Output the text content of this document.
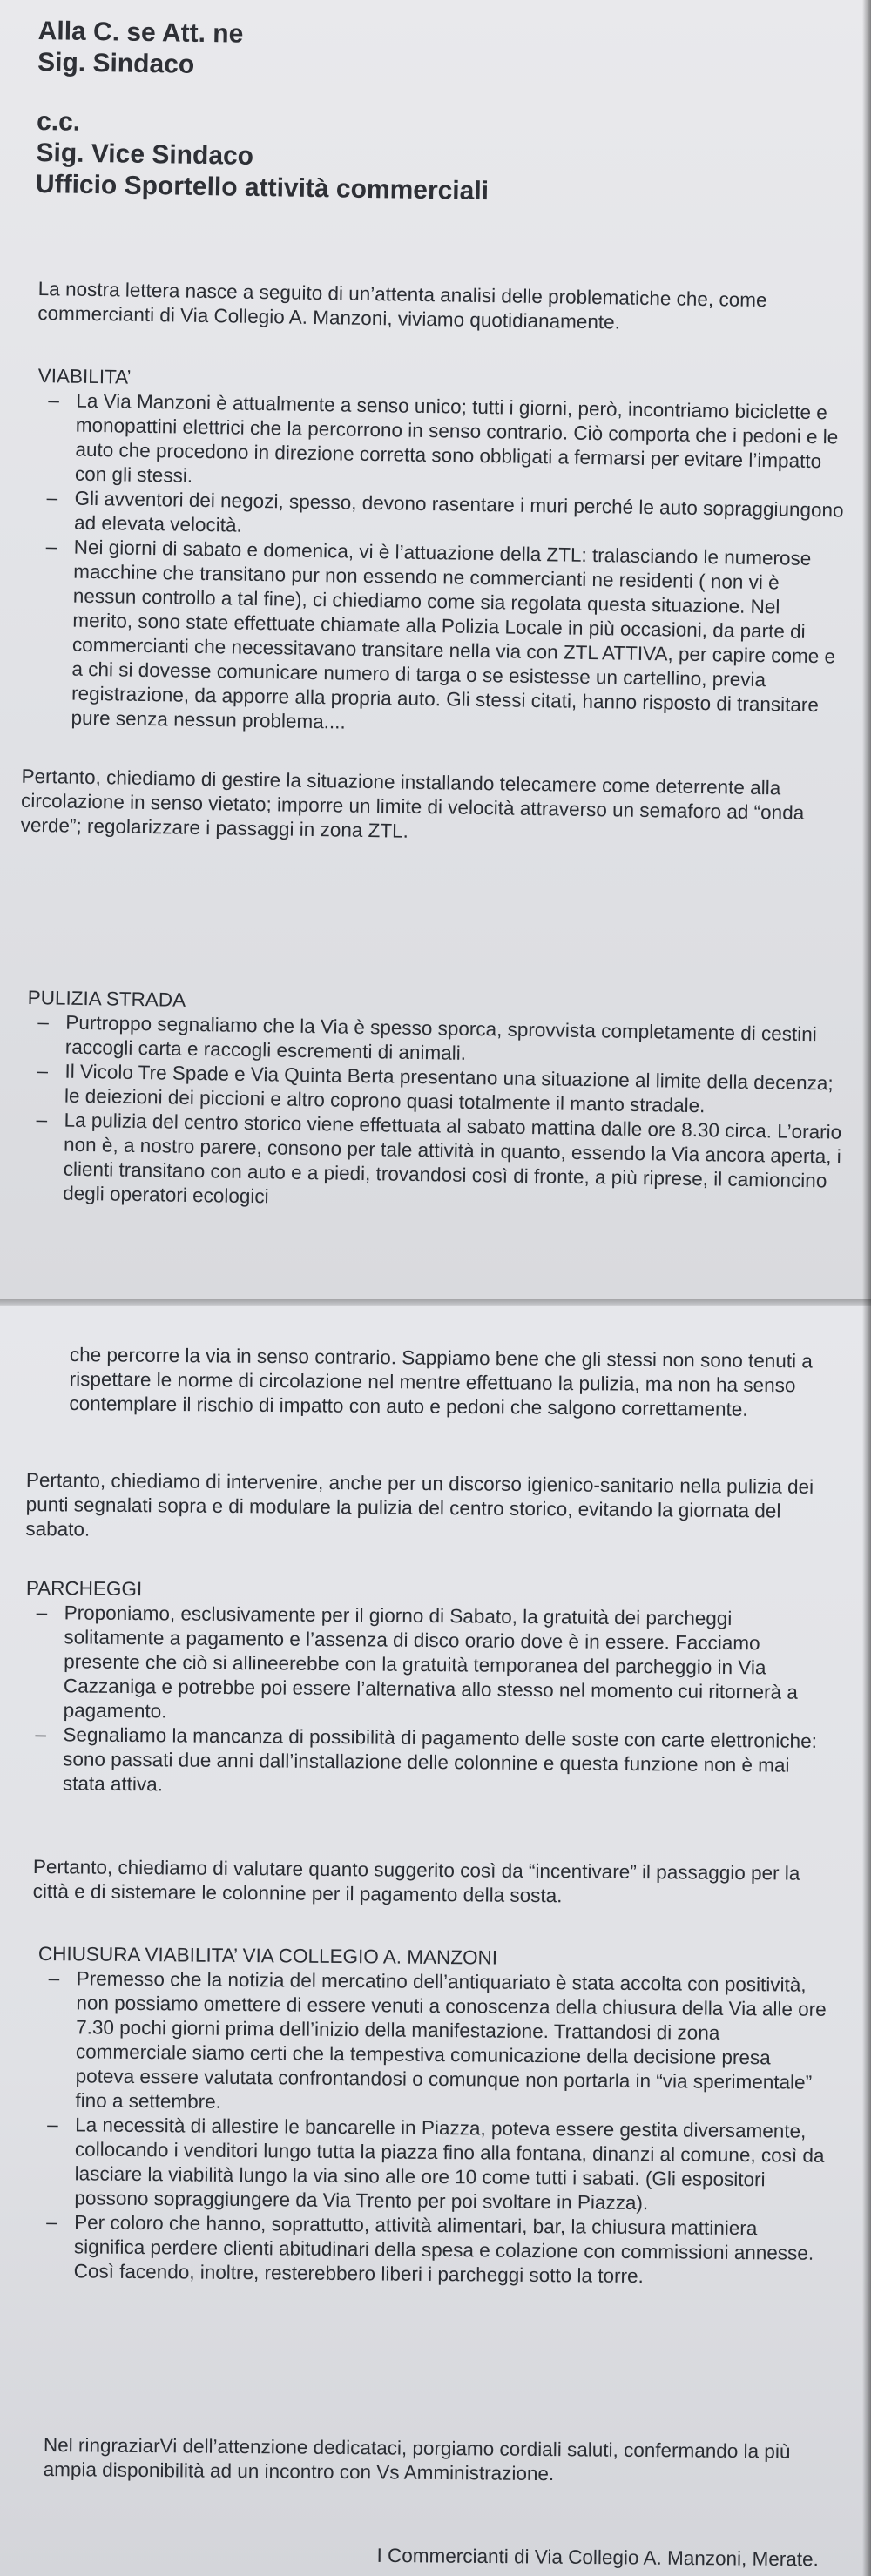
Alla C. se Att. ne
Sig. Sindaco
c.c.
Sig. Vice Sindaco
Ufficio Sportello attività commerciali

La nostra lettera nasce a seguito di un’attenta analisi delle problematiche che, come commercianti di Via Collegio A. Manzoni, viviamo quotidianamente.

VIABILITA’

– La Via Manzoni è attualmente a senso unico; tutti i giorni, però, incontriamo biciclette e monopattini elettrici che la percorrono in senso contrario. Ciò comporta che i pedoni e le auto che procedono in direzione corretta sono obbligati a fermarsi per evitare l’impatto con gli stessi.
– Gli avventori dei negozi, spesso, devono rasentare i muri perché le auto sopraggiungono ad elevata velocità.
– Nei giorni di sabato e domenica, vi è l’attuazione della ZTL: tralasciando le numerose macchine che transitano pur non essendo ne commercianti ne residenti ( non vi è nessun controllo a tal fine), ci chiediamo come sia regolata questa situazione. Nel merito, sono state effettuate chiamate alla Polizia Locale in più occasioni, da parte di commercianti che necessitavano transitare nella via con ZTL ATTIVA, per capire come e a chi si dovesse comunicare numero di targa o se esistesse un cartellino, previa registrazione, da apporre alla propria auto. Gli stessi citati, hanno risposto di transitare pure senza nessun problema....

Pertanto, chiediamo di gestire la situazione installando telecamere come deterrente alla circolazione in senso vietato; imporre un limite di velocità attraverso un semaforo ad “onda verde”; regolarizzare i passaggi in zona ZTL.

PULIZIA STRADA

– Purtroppo segnaliamo che la Via è spesso sporca, sprovvista completamente di cestini raccogli carta e raccogli escrementi di animali.
– Il Vicolo Tre Spade e Via Quinta Berta presentano una situazione al limite della decenza; le deiezioni dei piccioni e altro coprono quasi totalmente il manto stradale.
– La pulizia del centro storico viene effettuata al sabato mattina dalle ore 8.30 circa. L’orario non è, a nostro parere, consono per tale attività in quanto, essendo la Via ancora aperta, i clienti transitano con auto e a piedi, trovandosi così di fronte, a più riprese, il camioncino degli operatori ecologici

che percorre la via in senso contrario. Sappiamo bene che gli stessi non sono tenuti a rispettare le norme di circolazione nel mentre effettuano la pulizia, ma non ha senso contemplare il rischio di impatto con auto e pedoni che salgono correttamente.

Pertanto, chiediamo di intervenire, anche per un discorso igienico-sanitario nella pulizia dei punti segnalati sopra e di modulare la pulizia del centro storico, evitando la giornata del sabato.

PARCHEGGI

– Proponiamo, esclusivamente per il giorno di Sabato, la gratuità dei parcheggi solitamente a pagamento e l’assenza di disco orario dove è in essere. Facciamo presente che ciò si allineerebbe con la gratuità temporanea del parcheggio in Via Cazzaniga e potrebbe poi essere l’alternativa allo stesso nel momento cui ritornerà a pagamento.
– Segnaliamo la mancanza di possibilità di pagamento delle soste con carte elettroniche: sono passati due anni dall’installazione delle colonnine e questa funzione non è mai stata attiva.

Pertanto, chiediamo di valutare quanto suggerito così da “incentivare” il passaggio per la città e di sistemare le colonnine per il pagamento della sosta.

CHIUSURA VIABILITA’ VIA COLLEGIO A. MANZONI

– Premesso che la notizia del mercatino dell’antiquariato è stata accolta con positività, non possiamo omettere di essere venuti a conoscenza della chiusura della Via alle ore 7.30 pochi giorni prima dell’inizio della manifestazione. Trattandosi di zona commerciale siamo certi che la tempestiva comunicazione della decisione presa poteva essere valutata confrontandosi o comunque non portarla in “via sperimentale” fino a settembre.
– La necessità di allestire le bancarelle in Piazza, poteva essere gestita diversamente, collocando i venditori lungo tutta la piazza fino alla fontana, dinanzi al comune, così da lasciare la viabilità lungo la via sino alle ore 10 come tutti i sabati. (Gli espositori possono sopraggiungere da Via Trento per poi svoltare in Piazza).
– Per coloro che hanno, soprattutto, attività alimentari, bar, la chiusura mattiniera significa perdere clienti abitudinari della spesa e colazione con commissioni annesse. Così facendo, inoltre, resterebbero liberi i parcheggi sotto la torre.

Nel ringraziarVi dell’attenzione dedicataci, porgiamo cordiali saluti, confermando la più ampia disponibilità ad un incontro con Vs Amministrazione.

I Commercianti di Via Collegio A. Manzoni, Merate.
